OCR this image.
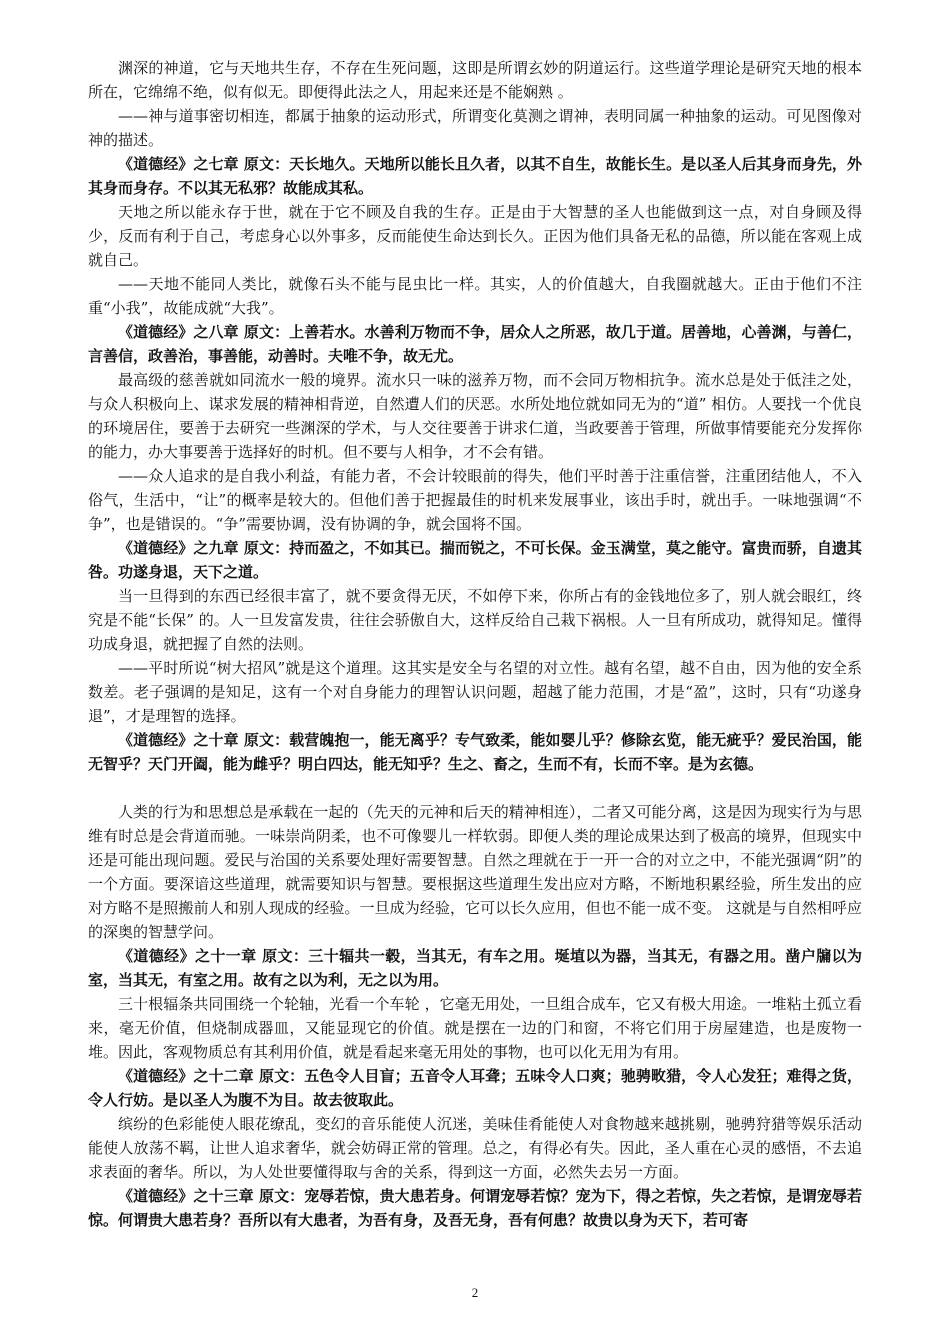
渊深的神道，它与天地共生存，不存在生死问题，这即是所谓玄妙的阴道运行。这些道学理论是研究天地的根本所在，它绵绵不绝，似有似无。即便得此法之人，用起来还是不能娴熟 。

——神与道事密切相连，都属于抽象的运动形式，所谓变化莫测之谓神，表明同属一种抽象的运动。可见图像对神的描述。

《道德经》之七章 原文：天长地久。天地所以能长且久者，以其不自生，故能长生。是以圣人后其身而身先，外其身而身存。不以其无私邪？故能成其私。

天地之所以能永存于世，就在于它不顾及自我的生存。正是由于大智慧的圣人也能做到这一点，对自身顾及得少，反而有利于自己，考虑身心以外事多，反而能使生命达到长久。正因为他们具备无私的品德，所以能在客观上成就自己。

——天地不能同人类比，就像石头不能与昆虫比一样。其实，人的价值越大，自我圈就越大。正由于他们不注重“小我”，故能成就“大我”。

《道德经》之八章 原文：上善若水。水善利万物而不争，居众人之所恶，故几于道。居善地，心善渊，与善仁，言善信，政善治，事善能，动善时。夫唯不争，故无尤。

最高级的慈善就如同流水一般的境界。流水只一味的滋养万物，而不会同万物相抗争。流水总是处于低洼之处，与众人积极向上、谋求发展的精神相背逆，自然遭人们的厌恶。水所处地位就如同无为的“道” 相仿。人要找一个优良的环境居住，要善于去研究一些渊深的学术，与人交往要善于讲求仁道，当政要善于管理，所做事情要能充分发挥你的能力，办大事要善于选择好的时机。但不要与人相争，才不会有错。

——众人追求的是自我小利益，有能力者，不会计较眼前的得失，他们平时善于注重信誉，注重团结他人，不入俗气，生活中，“让”的概率是较大的。但他们善于把握最佳的时机来发展事业，该出手时，就出手。一味地强调“不争”，也是错误的。“争”需要协调，没有协调的争，就会国将不国。

《道德经》之九章 原文：持而盈之，不如其已。揣而锐之，不可长保。金玉满堂，莫之能守。富贵而骄，自遗其咎。功遂身退，天下之道。

当一旦得到的东西已经很丰富了，就不要贪得无厌，不如停下来，你所占有的金钱地位多了，别人就会眼红，终究是不能“长保” 的。人一旦发富发贵，往往会骄傲自大，这样反给自己栽下祸根。人一旦有所成功，就得知足。懂得功成身退，就把握了自然的法则。

——平时所说“树大招风”就是这个道理。这其实是安全与名望的对立性。越有名望，越不自由，因为他的安全系数差。老子强调的是知足，这有一个对自身能力的理智认识问题，超越了能力范围，才是“盈”，这时，只有“功遂身退”，才是理智的选择。

《道德经》之十章 原文：载营魄抱一，能无离乎？专气致柔，能如婴儿乎？修除玄览，能无疵乎？爱民治国，能无智乎？天门开阖，能为雌乎？明白四达，能无知乎？生之、畜之，生而不有，长而不宰。是为玄德。

人类的行为和思想总是承载在一起的（先天的元神和后天的精神相连），二者又可能分离，这是因为现实行为与思维有时总是会背道而驰。一味崇尚阴柔，也不可像婴儿一样软弱。即便人类的理论成果达到了极高的境界，但现实中还是可能出现问题。爱民与治国的关系要处理好需要智慧。自然之理就在于一开一合的对立之中，不能光强调“阴”的一个方面。要深谙这些道理，就需要知识与智慧。要根据这些道理生发出应对方略，不断地积累经验，所生发出的应对方略不是照搬前人和别人现成的经验。一旦成为经验，它可以长久应用，但也不能一成不变。 这就是与自然相呼应的深奥的智慧学问。

《道德经》之十一章 原文：三十辐共一毂，当其无，有车之用。埏埴以为器，当其无，有器之用。凿户牖以为室，当其无，有室之用。故有之以为利，无之以为用。

三十根辐条共同围绕一个轮轴，光看一个车轮 ，它毫无用处，一旦组合成车，它又有极大用途。一堆粘土孤立看来，毫无价值，但烧制成器皿，又能显现它的价值。就是摆在一边的门和窗，不将它们用于房屋建造，也是废物一堆。因此，客观物质总有其利用价值，就是看起来毫无用处的事物，也可以化无用为有用。

《道德经》之十二章 原文：五色令人目盲；五音令人耳聋；五味令人口爽；驰骋畋猎，令人心发狂；难得之货，令人行妨。是以圣人为腹不为目。故去彼取此。

缤纷的色彩能使人眼花缭乱，变幻的音乐能使人沉迷，美味佳肴能使人对食物越来越挑剔，驰骋狩猎等娱乐活动能使人放荡不羁，让世人追求奢华，就会妨碍正常的管理。总之，有得必有失。因此，圣人重在心灵的感悟，不去追求表面的奢华。所以，为人处世要懂得取与舍的关系，得到这一方面，必然失去另一方面。

《道德经》之十三章 原文：宠辱若惊，贵大患若身。何谓宠辱若惊？宠为下，得之若惊，失之若惊，是谓宠辱若惊。何谓贵大患若身？吾所以有大患者，为吾有身，及吾无身，吾有何患？故贵以身为天下，若可寄

2
